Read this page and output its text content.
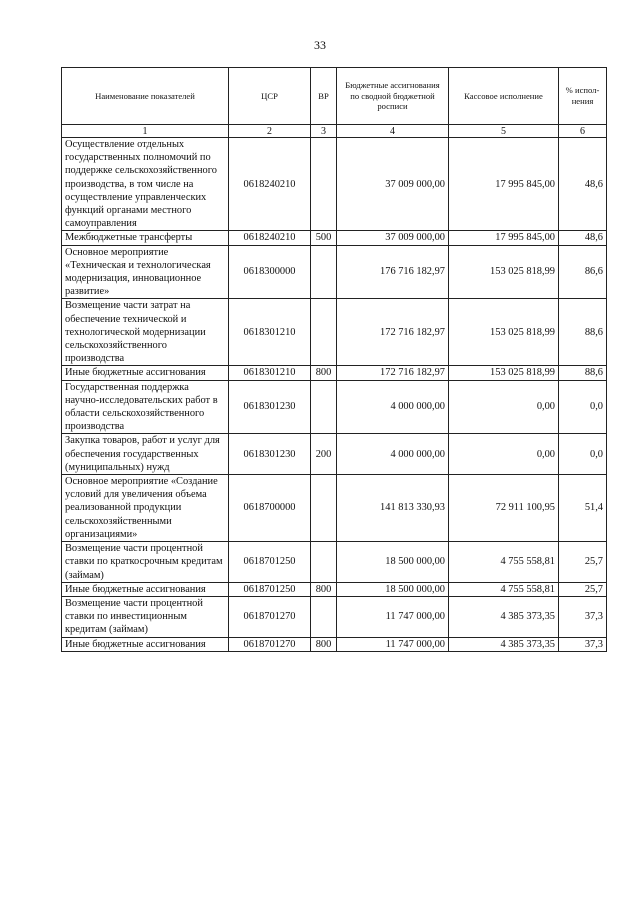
33
Наименование показателей	ЦСР	ВР	Бюджетные ассигнования по сводной бюджетной росписи	Кассовое исполнение	% испол-нения
1	2	3	4	5	6
Осуществление отдельных государственных полномочий по поддержке сельскохозяйственного производства, в том числе на осуществление управленческих функций органами местного самоуправления	0618240210		37 009 000,00	17 995 845,00	48,6
Межбюджетные трансферты	0618240210	500	37 009 000,00	17 995 845,00	48,6
Основное мероприятие «Техническая и технологическая модернизация, инновационное развитие»	0618300000		176 716 182,97	153 025 818,99	86,6
Возмещение части затрат на обеспечение технической и технологической модернизации сельскохозяйственного производства	0618301210		172 716 182,97	153 025 818,99	88,6
Иные бюджетные ассигнования	0618301210	800	172 716 182,97	153 025 818,99	88,6
Государственная поддержка научно-исследовательских работ в области сельскохозяйственного производства	0618301230		4 000 000,00	0,00	0,0
Закупка товаров, работ и услуг для обеспечения государственных (муниципальных) нужд	0618301230	200	4 000 000,00	0,00	0,0
Основное мероприятие «Создание условий для увеличения объема реализованной продукции сельскохозяйственными организациями»	0618700000		141 813 330,93	72 911 100,95	51,4
Возмещение части процентной ставки по краткосрочным кредитам (займам)	0618701250		18 500 000,00	4 755 558,81	25,7
Иные бюджетные ассигнования	0618701250	800	18 500 000,00	4 755 558,81	25,7
Возмещение части процентной ставки по инвестиционным кредитам (займам)	0618701270		11 747 000,00	4 385 373,35	37,3
Иные бюджетные ассигнования	0618701270	800	11 747 000,00	4 385 373,35	37,3
